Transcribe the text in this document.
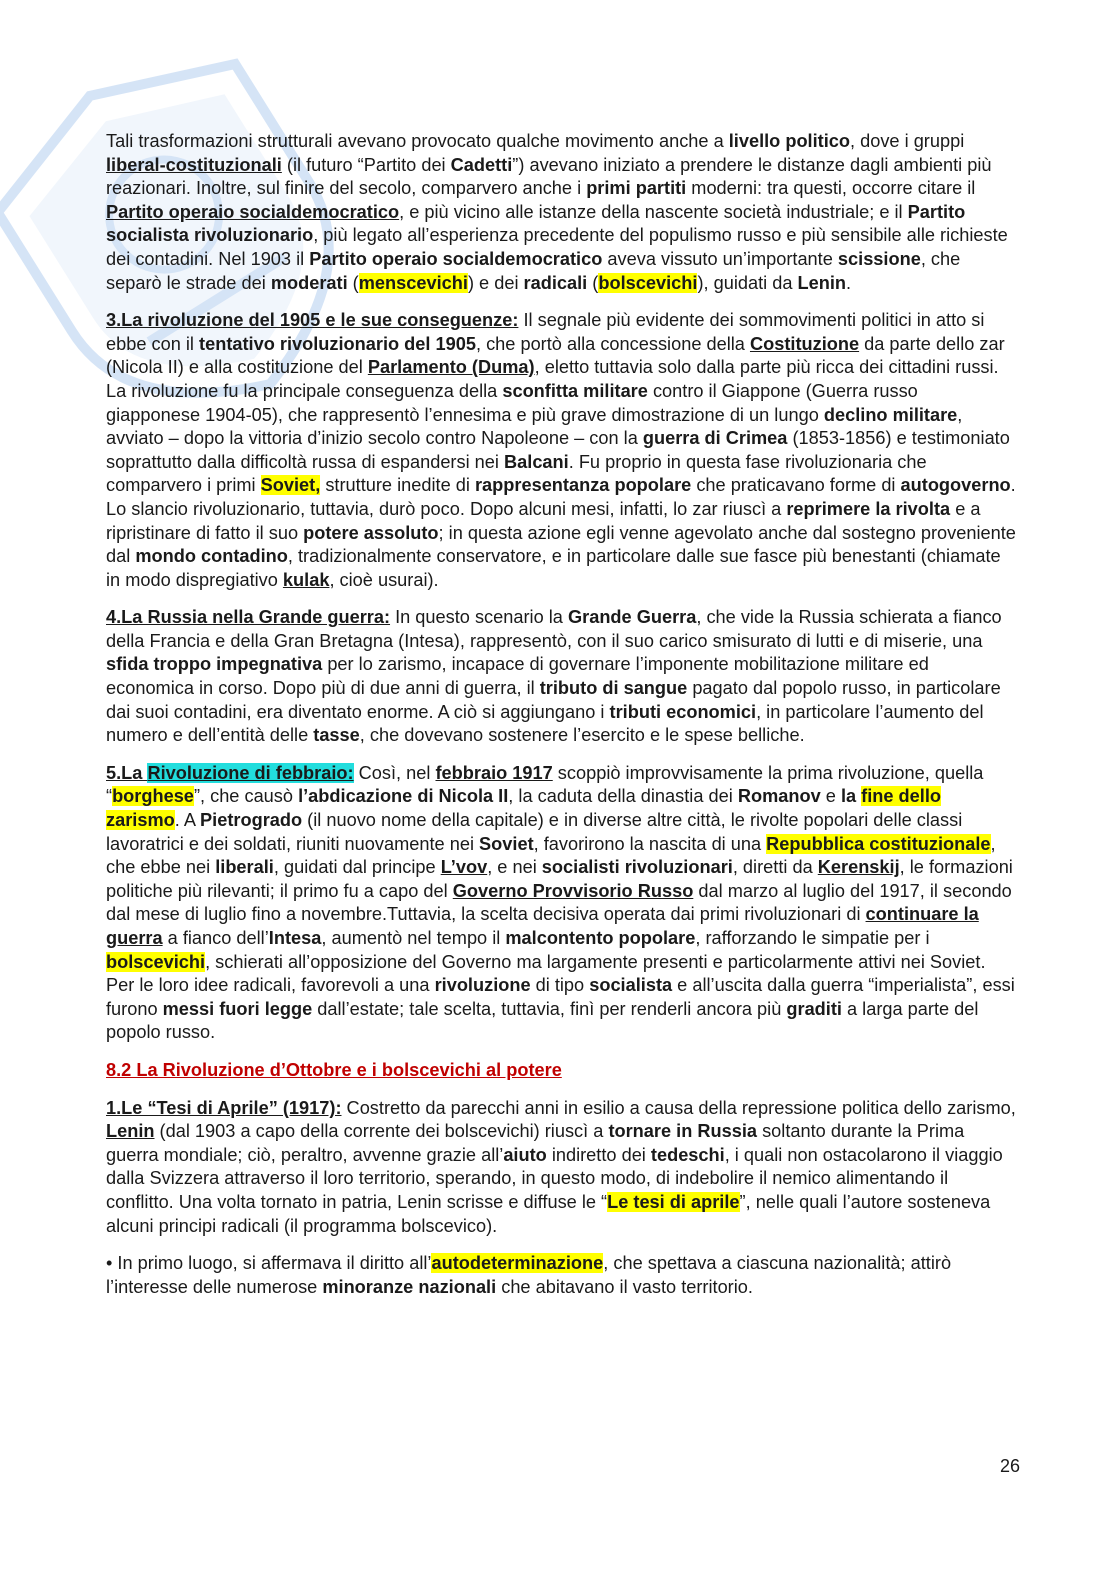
Tali trasformazioni strutturali avevano provocato qualche movimento anche a livello politico, dove i gruppi liberal-costituzionali (il futuro “Partito dei Cadetti”) avevano iniziato a prendere le distanze dagli ambienti più reazionari. Inoltre, sul finire del secolo, comparvero anche i primi partiti moderni: tra questi, occorre citare il Partito operaio socialdemocratico, e più vicino alle istanze della nascente società industriale; e il Partito socialista rivoluzionario, più legato all’esperienza precedente del populismo russo e più sensibile alle richieste dei contadini. Nel 1903 il Partito operaio socialdemocratico aveva vissuto un’importante scissione, che separò le strade dei moderati (menscevichi) e dei radicali (bolscevichi), guidati da Lenin.

3.La rivoluzione del 1905 e le sue conseguenze: Il segnale più evidente dei sommovimenti politici in atto si ebbe con il tentativo rivoluzionario del 1905, che portò alla concessione della Costituzione da parte dello zar (Nicola II) e alla costituzione del Parlamento (Duma), eletto tuttavia solo dalla parte più ricca dei cittadini russi. La rivoluzione fu la principale conseguenza della sconfitta militare contro il Giappone (Guerra russo giapponese 1904-05), che rappresentò l’ennesima e più grave dimostrazione di un lungo declino militare, avviato – dopo la vittoria d’inizio secolo contro Napoleone – con la guerra di Crimea (1853-1856) e testimoniato soprattutto dalla difficoltà russa di espandersi nei Balcani. Fu proprio in questa fase rivoluzionaria che comparvero i primi Soviet, strutture inedite di rappresentanza popolare che praticavano forme di autogoverno. Lo slancio rivoluzionario, tuttavia, durò poco. Dopo alcuni mesi, infatti, lo zar riuscì a reprimere la rivolta e a ripristinare di fatto il suo potere assoluto; in questa azione egli venne agevolato anche dal sostegno proveniente dal mondo contadino, tradizionalmente conservatore, e in particolare dalle sue fasce più benestanti (chiamate in modo dispregiativo kulak, cioè usurai).

4.La Russia nella Grande guerra: In questo scenario la Grande Guerra, che vide la Russia schierata a fianco della Francia e della Gran Bretagna (Intesa), rappresentò, con il suo carico smisurato di lutti e di miserie, una sfida troppo impegnativa per lo zarismo, incapace di governare l’imponente mobilitazione militare ed economica in corso. Dopo più di due anni di guerra, il tributo di sangue pagato dal popolo russo, in particolare dai suoi contadini, era diventato enorme. A ciò si aggiungano i tributi economici, in particolare l’aumento del numero e dell’entità delle tasse, che dovevano sostenere l’esercito e le spese belliche.

5.La Rivoluzione di febbraio: Così, nel febbraio 1917 scoppiò improvvisamente la prima rivoluzione, quella “borghese”, che causò l’abdicazione di Nicola II, la caduta della dinastia dei Romanov e la fine dello zarismo. A Pietrogrado (il nuovo nome della capitale) e in diverse altre città, le rivolte popolari delle classi lavoratrici e dei soldati, riuniti nuovamente nei Soviet, favorirono la nascita di una Repubblica costituzionale, che ebbe nei liberali, guidati dal principe L’vov, e nei socialisti rivoluzionari, diretti da Kerenskij, le formazioni politiche più rilevanti; il primo fu a capo del Governo Provvisorio Russo dal marzo al luglio del 1917, il secondo dal mese di luglio fino a novembre.Tuttavia, la scelta decisiva operata dai primi rivoluzionari di continuare la guerra a fianco dell’Intesa, aumentò nel tempo il malcontento popolare, rafforzando le simpatie per i bolscevichi, schierati all’opposizione del Governo ma largamente presenti e particolarmente attivi nei Soviet. Per le loro idee radicali, favorevoli a una rivoluzione di tipo socialista e all’uscita dalla guerra “imperialista”, essi furono messi fuori legge dall’estate; tale scelta, tuttavia, finì per renderli ancora più graditi a larga parte del popolo russo.

8.2 La Rivoluzione d’Ottobre e i bolscevichi al potere

1.Le “Tesi di Aprile” (1917): Costretto da parecchi anni in esilio a causa della repressione politica dello zarismo, Lenin (dal 1903 a capo della corrente dei bolscevichi) riuscì a tornare in Russia soltanto durante la Prima guerra mondiale; ciò, peraltro, avvenne grazie all’aiuto indiretto dei tedeschi, i quali non ostacolarono il viaggio dalla Svizzera attraverso il loro territorio, sperando, in questo modo, di indebolire il nemico alimentando il conflitto. Una volta tornato in patria, Lenin scrisse e diffuse le “Le tesi di aprile”, nelle quali l’autore sosteneva alcuni principi radicali (il programma bolscevico).

• In primo luogo, si affermava il diritto all’autodeterminazione, che spettava a ciascuna nazionalità; attirò l’interesse delle numerose minoranze nazionali che abitavano il vasto territorio.

26
